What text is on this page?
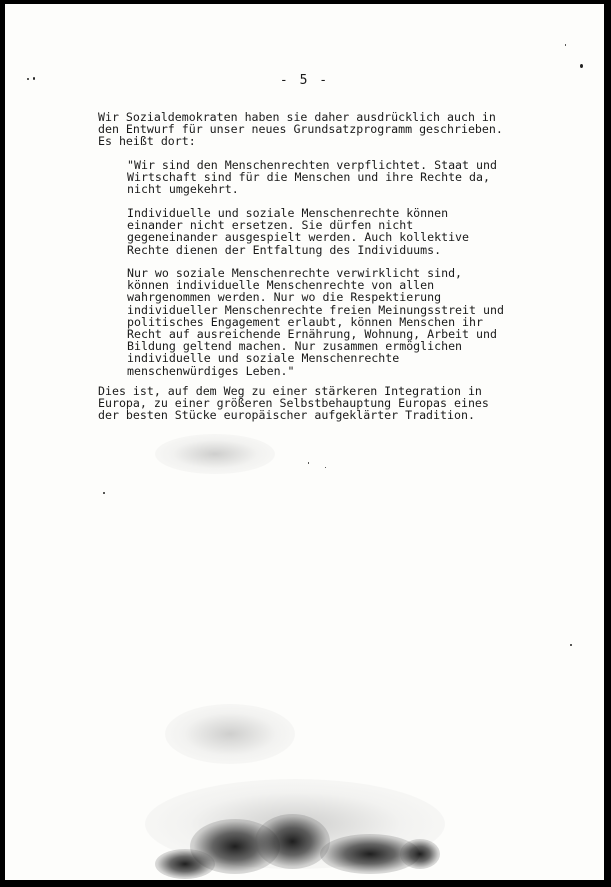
- 5 -

Wir Sozialdemokraten haben sie daher ausdrücklich auch in
den Entwurf für unser neues Grundsatzprogramm geschrieben.
Es heißt dort:

"Wir sind den Menschenrechten verpflichtet. Staat und
Wirtschaft sind für die Menschen und ihre Rechte da,
nicht umgekehrt.

Individuelle und soziale Menschenrechte können
einander nicht ersetzen. Sie dürfen nicht
gegeneinander ausgespielt werden. Auch kollektive
Rechte dienen der Entfaltung des Individuums.

Nur wo soziale Menschenrechte verwirklicht sind,
können individuelle Menschenrechte von allen
wahrgenommen werden. Nur wo die Respektierung
individueller Menschenrechte freien Meinungsstreit und
politisches Engagement erlaubt, können Menschen ihr
Recht auf ausreichende Ernährung, Wohnung, Arbeit und
Bildung geltend machen. Nur zusammen ermöglichen
individuelle und soziale Menschenrechte
menschenwürdiges Leben."

Dies ist, auf dem Weg zu einer stärkeren Integration in
Europa, zu einer größeren Selbstbehauptung Europas eines
der besten Stücke europäischer aufgeklärter Tradition.
